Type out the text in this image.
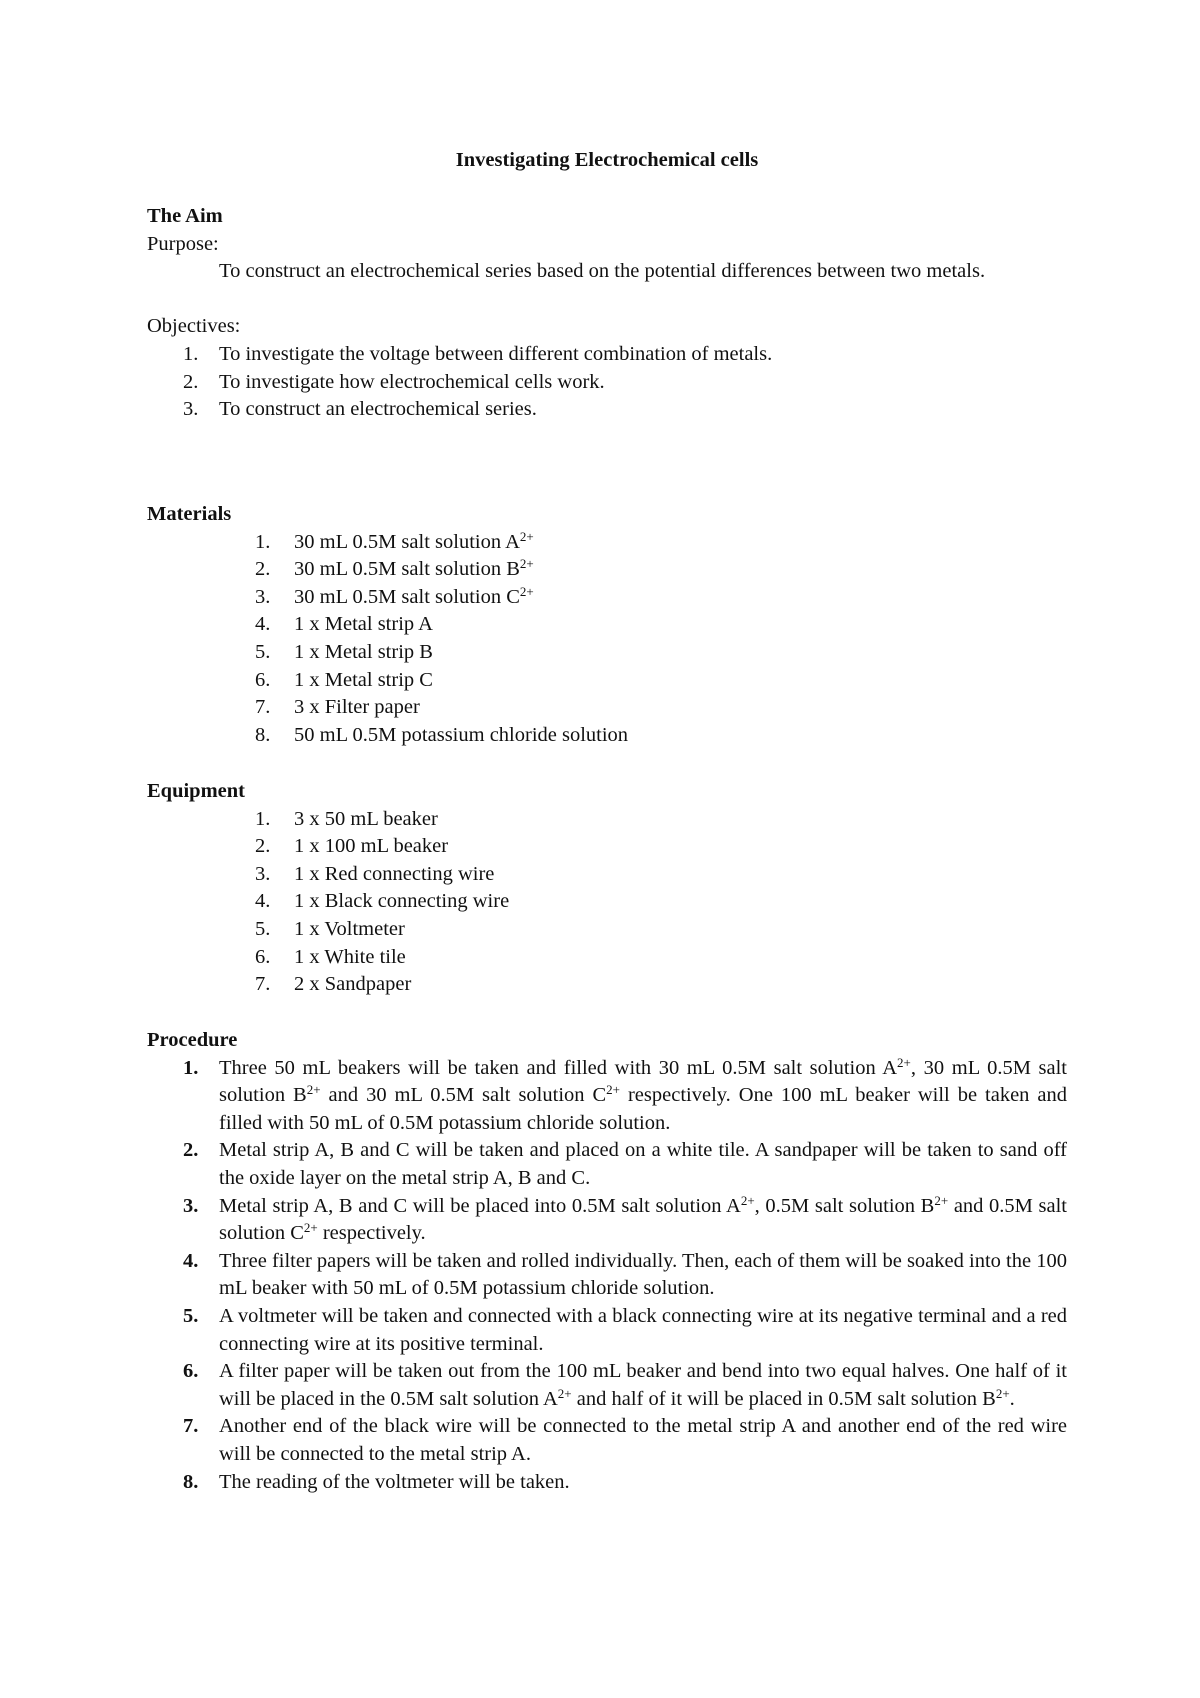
Investigating Electrochemical cells

The Aim

Purpose:

To construct an electrochemical series based on the potential differences between two metals.

Objectives:

1. To investigate the voltage between different combination of metals.
2. To investigate how electrochemical cells work.
3. To construct an electrochemical series.

Materials

1.	30 mL 0.5M salt solution $A^{2+}$
2.	30 mL 0.5M salt solution $B^{2+}$
3.	30 mL 0.5M salt solution $C^{2+}$
4.	1 x Metal strip A
5.	1 x Metal strip B
6.	1 x Metal strip C
7.	3 x Filter paper
8.	50 mL 0.5M potassium chloride solution

Equipment

1.	3 x 50 mL beaker
2.	1 x 100 mL beaker
3.	1 x Red connecting wire
4.	1 x Black connecting wire
5.	1 x Voltmeter
6.	1 x White tile
7.	2 x Sandpaper

Procedure

1. Three 50 mL beakers will be taken and filled with 30 mL 0.5M salt solution $A^{2+}$, 30 mL 0.5M salt solution $B^{2+}$ and 30 mL 0.5M salt solution $C^{2+}$ respectively. One 100 mL beaker will be taken and filled with 50 mL of 0.5M potassium chloride solution.
2. Metal strip A, B and C will be taken and placed on a white tile. A sandpaper will be taken to sand off the oxide layer on the metal strip A, B and C.
3. Metal strip A, B and C will be placed into 0.5M salt solution $A^{2+}$, 0.5M salt solution $B^{2+}$ and 0.5M salt solution $C^{2+}$ respectively.
4. Three filter papers will be taken and rolled individually. Then, each of them will be soaked into the 100 mL beaker with 50 mL of 0.5M potassium chloride solution.
5. A voltmeter will be taken and connected with a black connecting wire at its negative terminal and a red connecting wire at its positive terminal.
6. A filter paper will be taken out from the 100 mL beaker and bend into two equal halves. One half of it will be placed in the 0.5M salt solution $A^{2+}$ and half of it will be placed in 0.5M salt solution $B^{2+}$.
7. Another end of the black wire will be connected to the metal strip A and another end of the red wire will be connected to the metal strip A.
8. The reading of the voltmeter will be taken.
